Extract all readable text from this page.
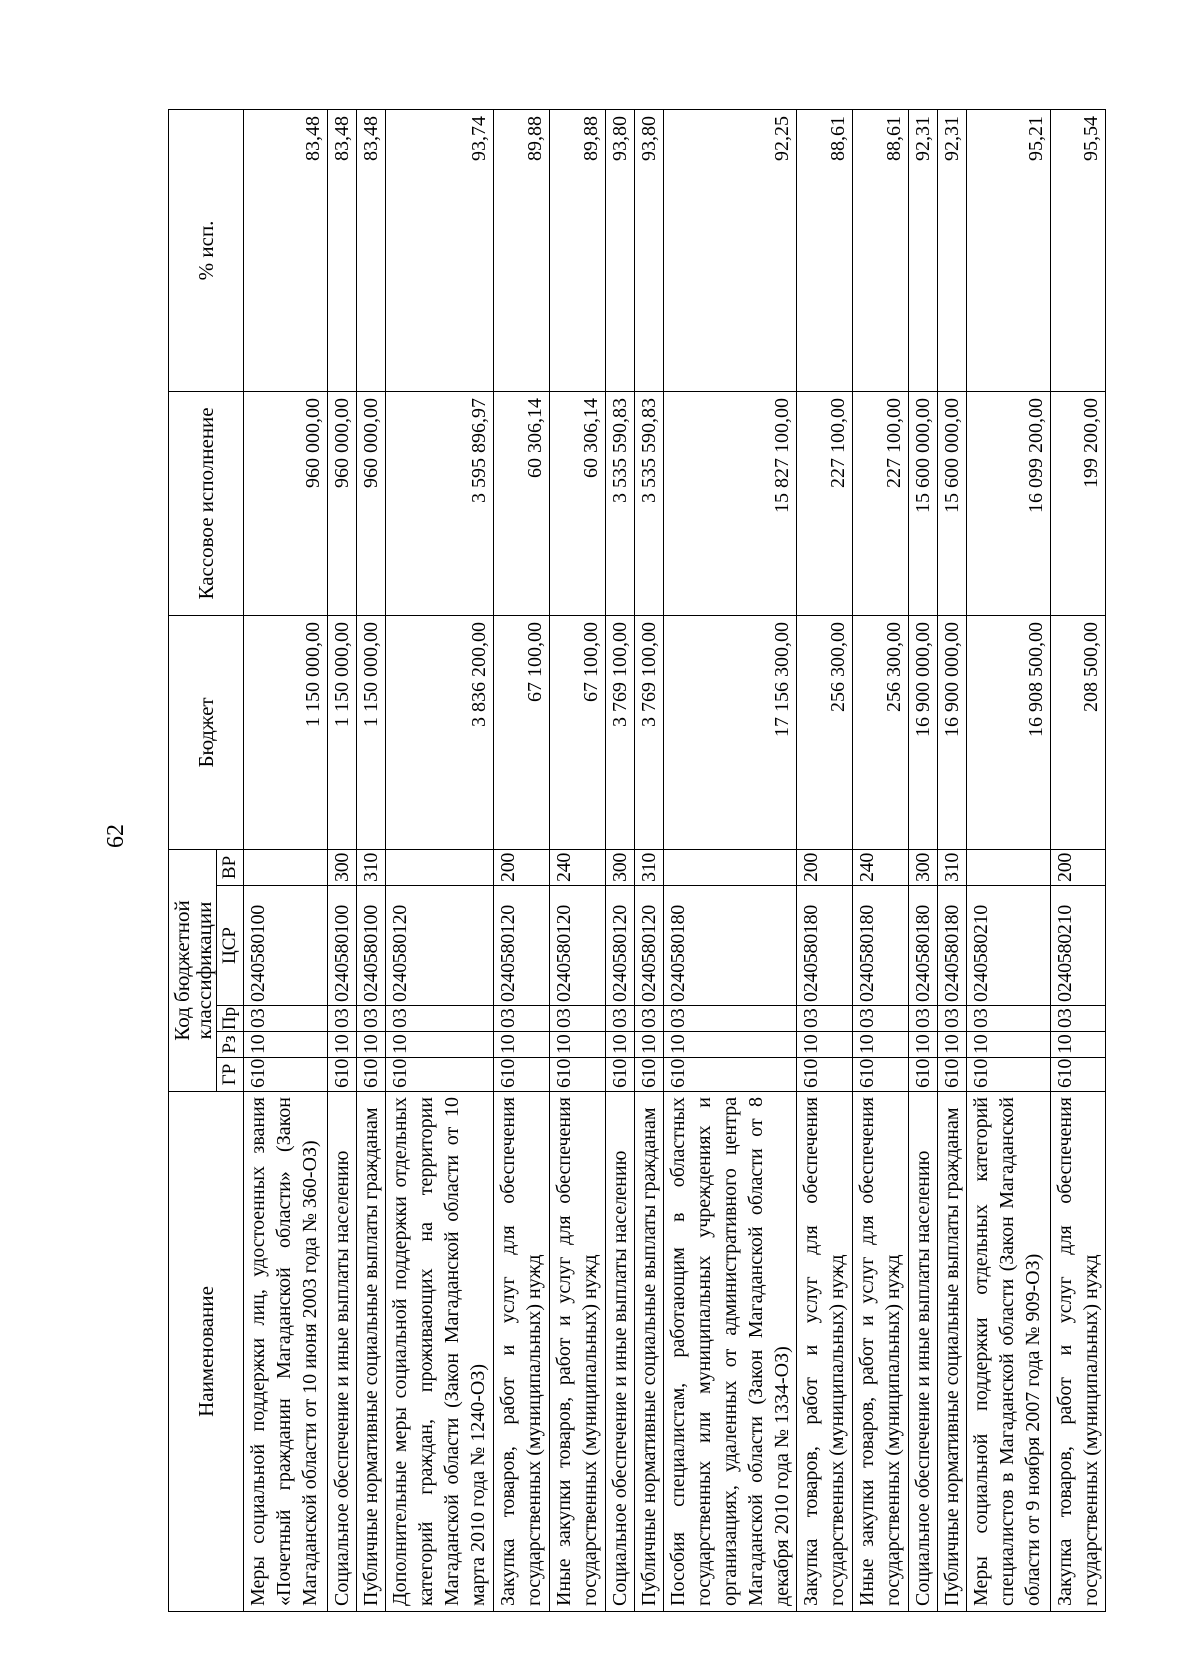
62
Наименование	Код бюджетной классификации					Бюджет	Кассовое исполнение	% исп.
	ГР	Рз	Пр	ЦСР	ВР			
Меры социальной поддержки лиц, удостоенных звания «Почетный гражданин Магаданской области» (Закон Магаданской области от 10 июня 2003 года № 360-ОЗ)	610	10	03	0240580100		1 150 000,00	960 000,00	83,48
Социальное обеспечение и иные выплаты населению	610	10	03	0240580100	300	1 150 000,00	960 000,00	83,48
Публичные нормативные социальные выплаты гражданам	610	10	03	0240580100	310	1 150 000,00	960 000,00	83,48
Дополнительные меры социальной поддержки отдельных категорий граждан, проживающих на территории Магаданской области (Закон Магаданской области от 10 марта 2010 года № 1240-ОЗ)	610	10	03	0240580120		3 836 200,00	3 595 896,97	93,74
Закупка товаров, работ и услуг для обеспечения государственных (муниципальных) нужд	610	10	03	0240580120	200	67 100,00	60 306,14	89,88
Иные закупки товаров, работ и услуг для обеспечения государственных (муниципальных) нужд	610	10	03	0240580120	240	67 100,00	60 306,14	89,88
Социальное обеспечение и иные выплаты населению	610	10	03	0240580120	300	3 769 100,00	3 535 590,83	93,80
Публичные нормативные социальные выплаты гражданам	610	10	03	0240580120	310	3 769 100,00	3 535 590,83	93,80
Пособия специалистам, работающим в областных государственных или муниципальных учреждениях и организациях, удаленных от административного центра Магаданской области (Закон Магаданской области от 8 декабря 2010 года № 1334-ОЗ)	610	10	03	0240580180		17 156 300,00	15 827 100,00	92,25
Закупка товаров, работ и услуг для обеспечения государственных (муниципальных) нужд	610	10	03	0240580180	200	256 300,00	227 100,00	88,61
Иные закупки товаров, работ и услуг для обеспечения государственных (муниципальных) нужд	610	10	03	0240580180	240	256 300,00	227 100,00	88,61
Социальное обеспечение и иные выплаты населению	610	10	03	0240580180	300	16 900 000,00	15 600 000,00	92,31
Публичные нормативные социальные выплаты гражданам	610	10	03	0240580180	310	16 900 000,00	15 600 000,00	92,31
Меры социальной поддержки отдельных категорий специалистов в Магаданской области (Закон Магаданской области от 9 ноября 2007 года № 909-ОЗ)	610	10	03	0240580210		16 908 500,00	16 099 200,00	95,21
Закупка товаров, работ и услуг для обеспечения государственных (муниципальных) нужд	610	10	03	0240580210	200	208 500,00	199 200,00	95,54
